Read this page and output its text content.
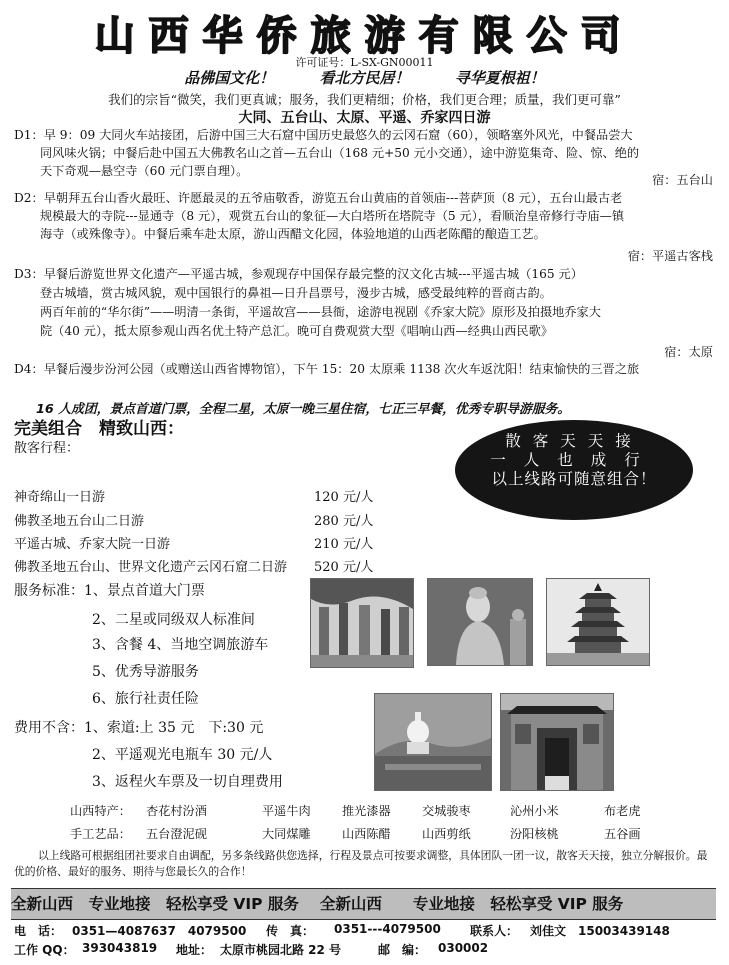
山西华侨旅游有限公司
许可证号：L-SX-GN00011
品佛国文化！	看北方民居！	寻华夏根祖！
我们的宗旨“微笑，我们更真诚；服务，我们更精细；价格，我们更合理；质量，我们更可靠”
大同、五台山、太原、平遥、乔家四日游
D1：早 9：09 大同火车站接团，后游中国三大石窟中国历史最悠久的云冈石窟（60），领略塞外风光，中餐品尝大
同风味火锅；中餐后赴中国五大佛教名山之首—五台山（168 元+50 元小交通），途中游览集奇、险、惊、绝的
天下奇观—悬空寺（60 元门票自理）。
宿：五台山
D2：早朝拜五台山香火最旺、许愿最灵的五爷庙敬香，游览五台山黄庙的首领庙---菩萨顶（8 元），五台山最古老
规模最大的寺院---显通寺（8 元），观赏五台山的象征—大白塔所在塔院寺（5 元），看顺治皇帝修行寺庙—镇
海寺（或殊像寺）。中餐后乘车赴太原，游山西醋文化园，体验地道的山西老陈醋的酿造工艺。
宿：平遥古客栈
D3：早餐后游览世界文化遗产—平遥古城，参观现存中国保存最完整的汉文化古城---平遥古城（165 元）
登古城墙，赏古城风貌，观中国银行的鼻祖—日升昌票号，漫步古城，感受最纯粹的晋商古韵。
两百年前的“华尔街”——明清一条街，平遥故宫——县衙，途游电视剧《乔家大院》原形及拍摄地乔家大
院（40 元），抵太原参观山西名优土特产总汇。晚可自费观赏大型《唱响山西—经典山西民歌》
宿：太原
D4：早餐后漫步汾河公园（或赠送山西省博物馆），下午 15：20 太原乘 1138 次火车返沈阳！结束愉快的三晋之旅
16 人成团，景点首道门票，全程二星，太原一晚三星住宿，七正三早餐，优秀专职导游服务。
完美组合　精致山西：
散客天天接
一人也成行
以上线路可随意组合！
散客行程：
神奇绵山一日游	120 元/人
佛教圣地五台山二日游	280 元/人
平遥古城、乔家大院一日游	210 元/人
佛教圣地五台山、世界文化遗产云冈石窟二日游 520 元/人
服务标准： 1、景点首道大门票
2、二星或同级双人标准间
3、含餐 4、当地空调旅游车
5、优秀导游服务
6、旅行社责任险
费用不含： 1、索道:上 35 元　下:30 元
2、平遥观光电瓶车 30 元/人
3、返程火车票及一切自理费用
山西特产： 杏花村汾酒	平遥牛肉	推光漆器	交城骏枣	沁州小米	布老虎
手工艺品： 五台澄泥砚	大同煤雕	山西陈醋	山西剪纸	汾阳核桃	五谷画
以上线路可根据组团社要求自由调配，另多条线路供您选择，行程及景点可按要求调整，具体团队一团一议，散客天天接，独立分解报价。最优的价格、最好的服务、期待与您最长久的合作！
全新山西　专业地接　轻松享受 VIP 服务　 全新山西　　专业地接　轻松享受 VIP 服务
电　话： 0351—4087637　4079500 传　真： 0351---4079500 联系人： 刘佳文　15003439148
工作 QQ： 393043819 地址： 太原市桃园北路 22 号	邮　编： 030002
